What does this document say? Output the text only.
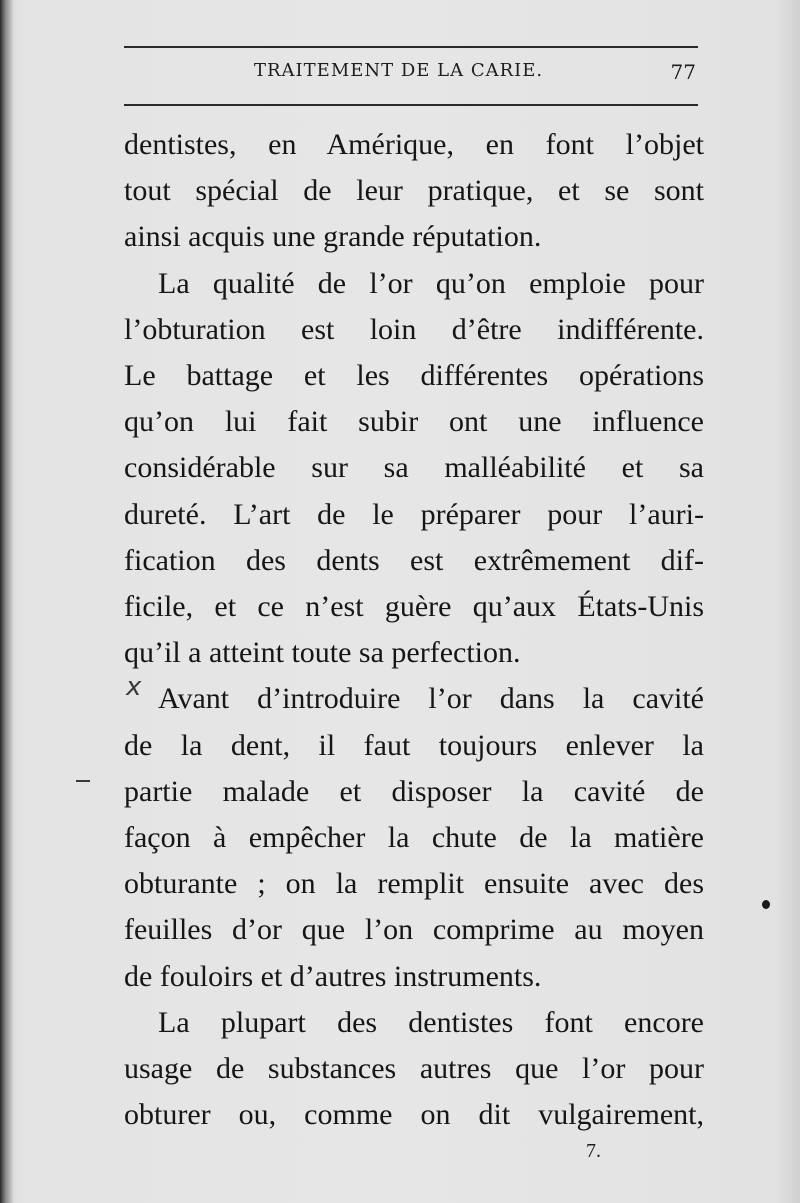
TRAITEMENT DE LA CARIE.	77

dentistes, en Amérique, en font l’objet
tout spécial de leur pratique, et se sont
ainsi acquis une grande réputation.

La qualité de l’or qu’on emploie pour
l’obturation est loin d’être indifférente.
Le battage et les différentes opérations
qu’on lui fait subir ont une influence
considérable sur sa malléabilité et sa
dureté. L’art de le préparer pour l’auri-
fication des dents est extrêmement dif-
ficile, et ce n’est guère qu’aux États-Unis
qu’il a atteint toute sa perfection.

Avant d’introduire l’or dans la cavité
de la dent, il faut toujours enlever la
partie malade et disposer la cavité de
façon à empêcher la chute de la matière
obturante ; on la remplit ensuite avec des
feuilles d’or que l’on comprime au moyen
de fouloirs et d’autres instruments.

La plupart des dentistes font encore
usage de substances autres que l’or pour
obturer ou, comme on dit vulgairement,

x
7.
